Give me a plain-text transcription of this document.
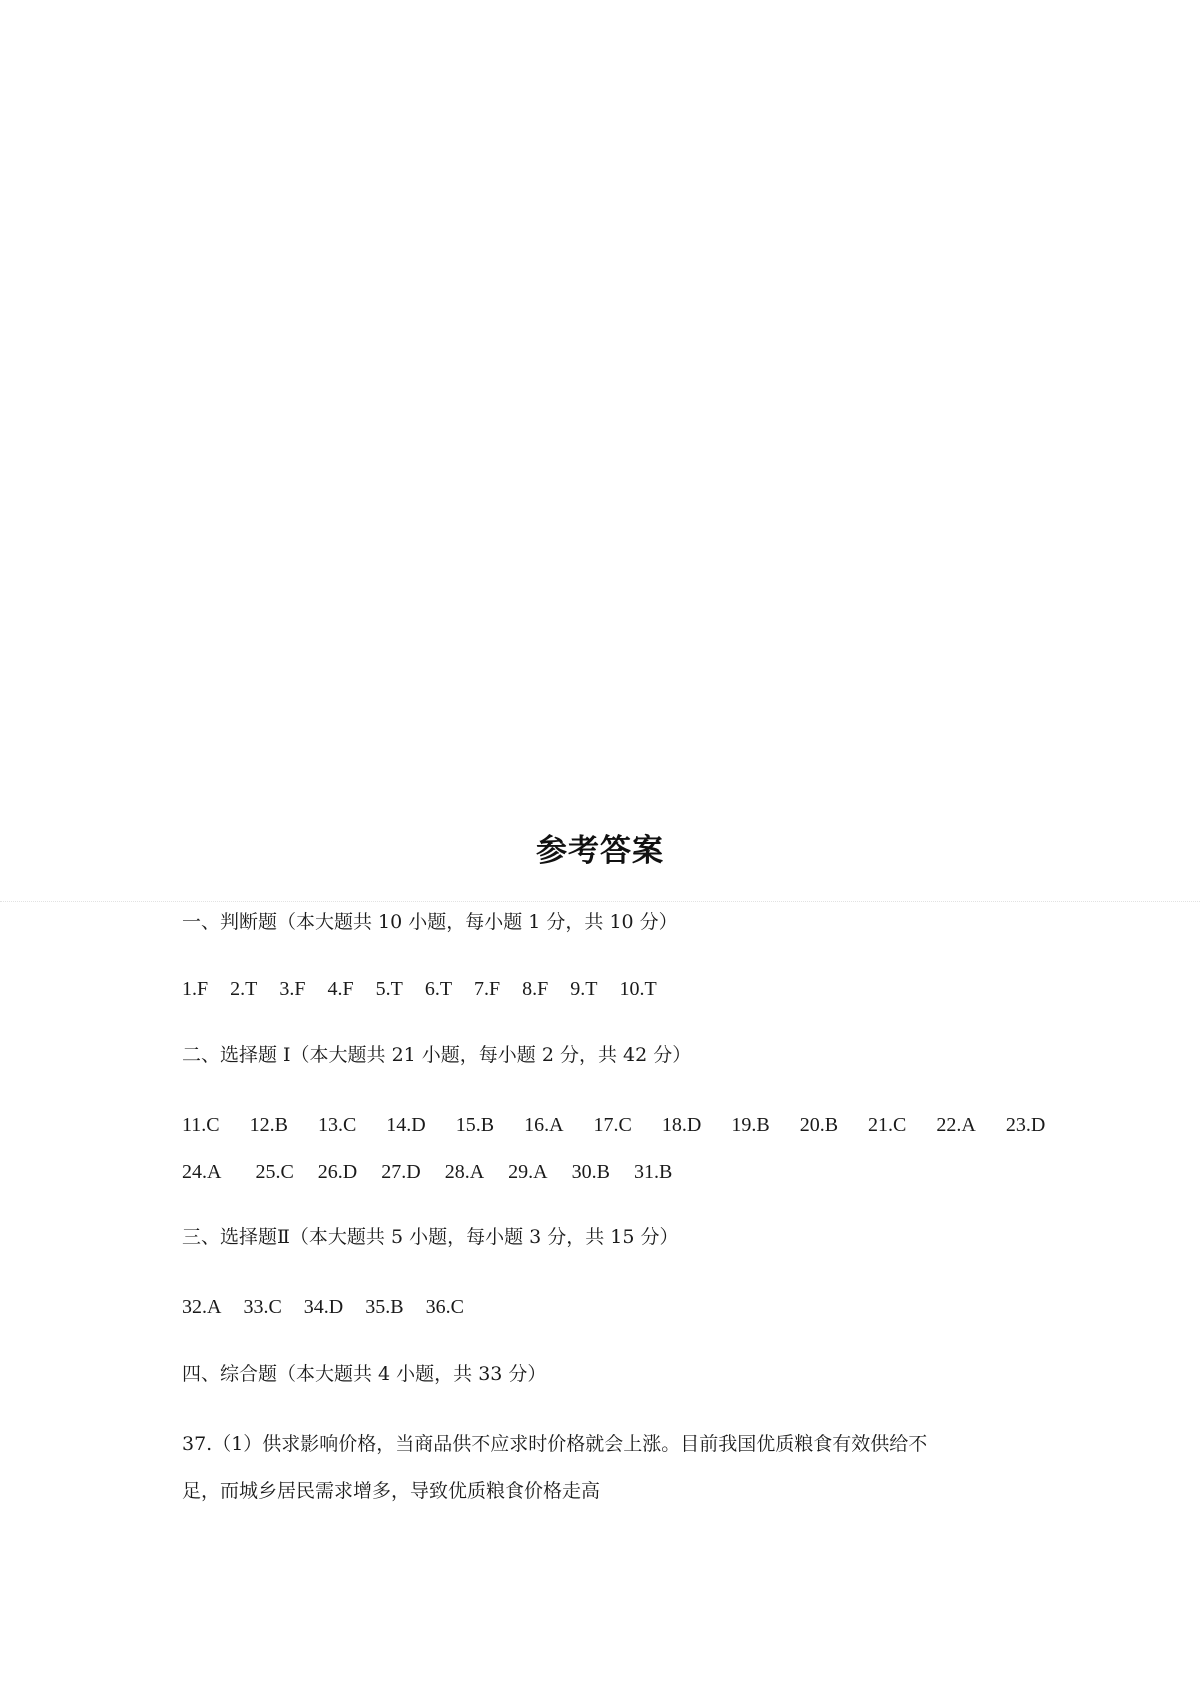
参考答案
一、判断题（本大题共 10 小题，每小题 1 分，共 10 分）
1.F 2.T 3.F 4.F 5.T 6.T 7.F 8.F 9.T 10.T
二、选择题 I（本大题共 21 小题，每小题 2 分，共 42 分）
11.C 12.B 13.C 14.D 15.B 16.A 17.C 18.D 19.B 20.B 21.C 22.A 23.D
24.A 25.C 26.D 27.D 28.A 29.A 30.B 31.B
三、选择题Ⅱ（本大题共 5 小题，每小题 3 分，共 15 分）
32.A 33.C 34.D 35.B 36.C
四、综合题（本大题共 4 小题，共 33 分）
37.（1）供求影响价格，当商品供不应求时价格就会上涨。目前我国优质粮食有效供给不
足，而城乡居民需求增多，导致优质粮食价格走高
